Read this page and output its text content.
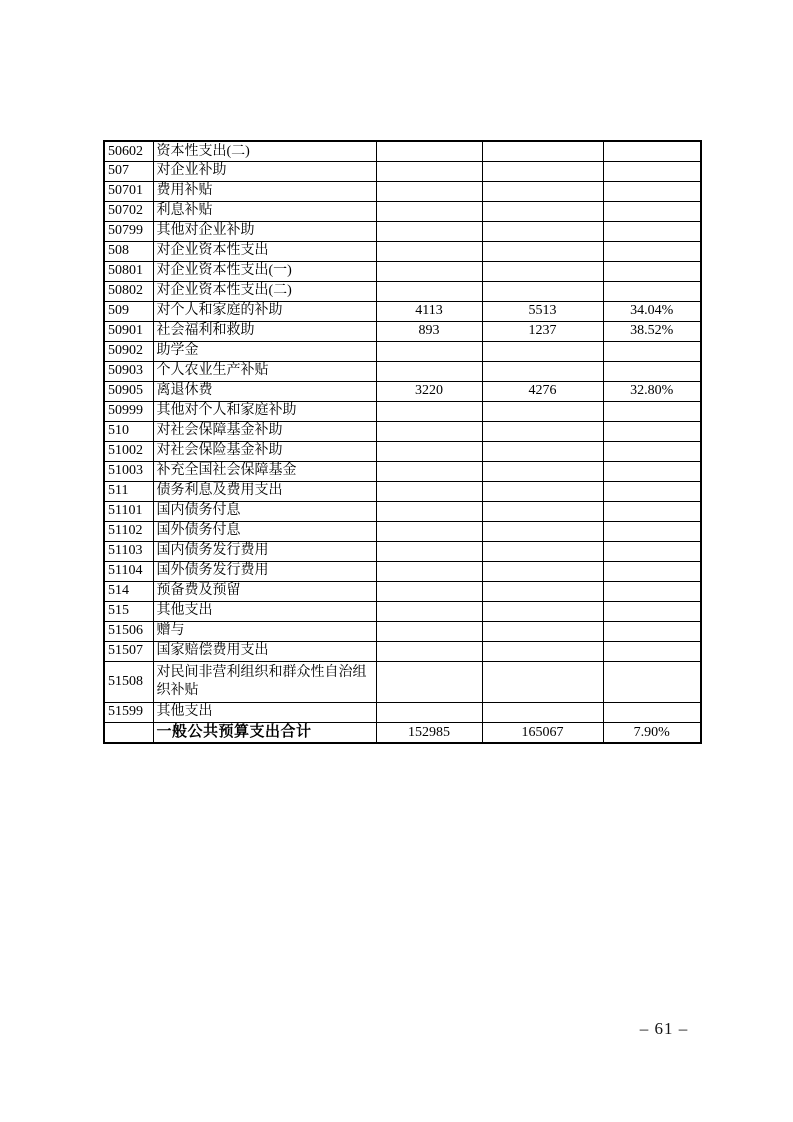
50602	资本性支出(二)			
507	对企业补助			
50701	费用补贴			
50702	利息补贴			
50799	其他对企业补助			
508	对企业资本性支出			
50801	对企业资本性支出(一)			
50802	对企业资本性支出(二)			
509	对个人和家庭的补助	4113	5513	34.04%
50901	社会福利和救助	893	1237	38.52%
50902	助学金			
50903	个人农业生产补贴			
50905	离退休费	3220	4276	32.80%
50999	其他对个人和家庭补助			
510	对社会保障基金补助			
51002	对社会保险基金补助			
51003	补充全国社会保障基金			
511	债务利息及费用支出			
51101	国内债务付息			
51102	国外债务付息			
51103	国内债务发行费用			
51104	国外债务发行费用			
514	预备费及预留			
515	其他支出			
51506	赠与			
51507	国家赔偿费用支出			
51508	对民间非营利组织和群众性自治组织补贴			
51599	其他支出			
	一般公共预算支出合计	152985	165067	7.90%
– 61 –
